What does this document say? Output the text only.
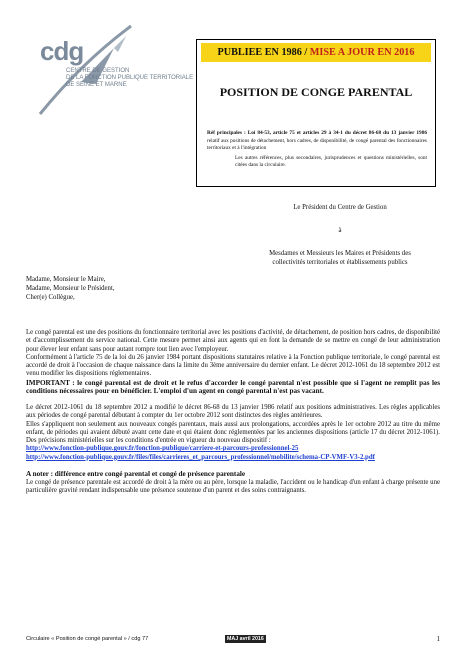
cdg
CENTRE DE GESTION
DE LA FONCTION PUBLIQUE TERRITORIALE
DE SEINE ET MARNE
PUBLIEE EN 1986 / MISE A JOUR EN 2016
POSITION DE CONGE PARENTAL

Réf principales : Loi 84-53, article 75 et articles 29 à 34-1 du décret 86-68 du 13 janvier 1986 relatif aux positions de détachement, hors cadres, de disponibilité, de congé parental des fonctionnaires territoriaux et à l'intégration

Les autres références, plus secondaires, jurisprudences et questions ministérielles, sont citées dans la circulaire.

Le Président du Centre de Gestion
à
Mesdames et Messieurs les Maires et Présidents des
collectivités territoriales et établissements publics
Madame, Monsieur le Maire,
Madame, Monsieur le Président,
Cher(e) Collègue,

Le congé parental est une des positions du fonctionnaire territorial avec les positions d'activité, de détachement, de position hors cadres, de disponibilité et d'accomplissement du service national. Cette mesure permet ainsi aux agents qui en font la demande de se mettre en congé de leur administration pour élever leur enfant sans pour autant rompre tout lien avec l'employeur.

Conformément à l'article 75 de la loi du 26 janvier 1984 portant dispositions statutaires relative à la Fonction publique territoriale, le congé parental est accordé de droit à l'occasion de chaque naissance dans la limite du 3ème anniversaire du dernier enfant. Le décret 2012-1061 du 18 septembre 2012 est venu modifier les dispositions réglementaires.

IMPORTANT : le congé parental est de droit et le refus d'accorder le congé parental n'est possible que si l'agent ne remplit pas les conditions nécessaires pour en bénéficier. L'emploi d'un agent en congé parental n'est pas vacant.

Le décret 2012-1061 du 18 septembre 2012 a modifié le décret 86-68 du 13 janvier 1986 relatif aux positions administratives. Les règles applicables aux périodes de congé parental débutant à compter du 1er octobre 2012 sont distinctes des règles antérieures.

Elles s'appliquent non seulement aux nouveaux congés parentaux, mais aussi aux prolongations, accordées après le 1er octobre 2012 au titre du même enfant, de périodes qui avaient débuté avant cette date et qui étaient donc réglementées par les anciennes dispositions (article 17 du décret 2012-1061). Des précisions ministérielles sur les conditions d'entrée en vigueur du nouveau dispositif :

http://www.fonction-publique.gouv.fr/fonction-publique/carriere-et-parcours-professionnel-25
http://www.fonction-publique.gouv.fr/files/files/carrieres_et_parcours_professionnel/mobilite/schema-CP-VMF-V3-2.pdf

A noter : différence entre congé parental et congé de présence parentale

Le congé de présence parentale est accordé de droit à la mère ou au père, lorsque la maladie, l'accident ou le handicap d'un enfant à charge présente une particulière gravité rendant indispensable une présence soutenue d'un parent et des soins contraignants.

Circulaire « Position de congé parental » / cdg 77	MAJ avril 2016	1
